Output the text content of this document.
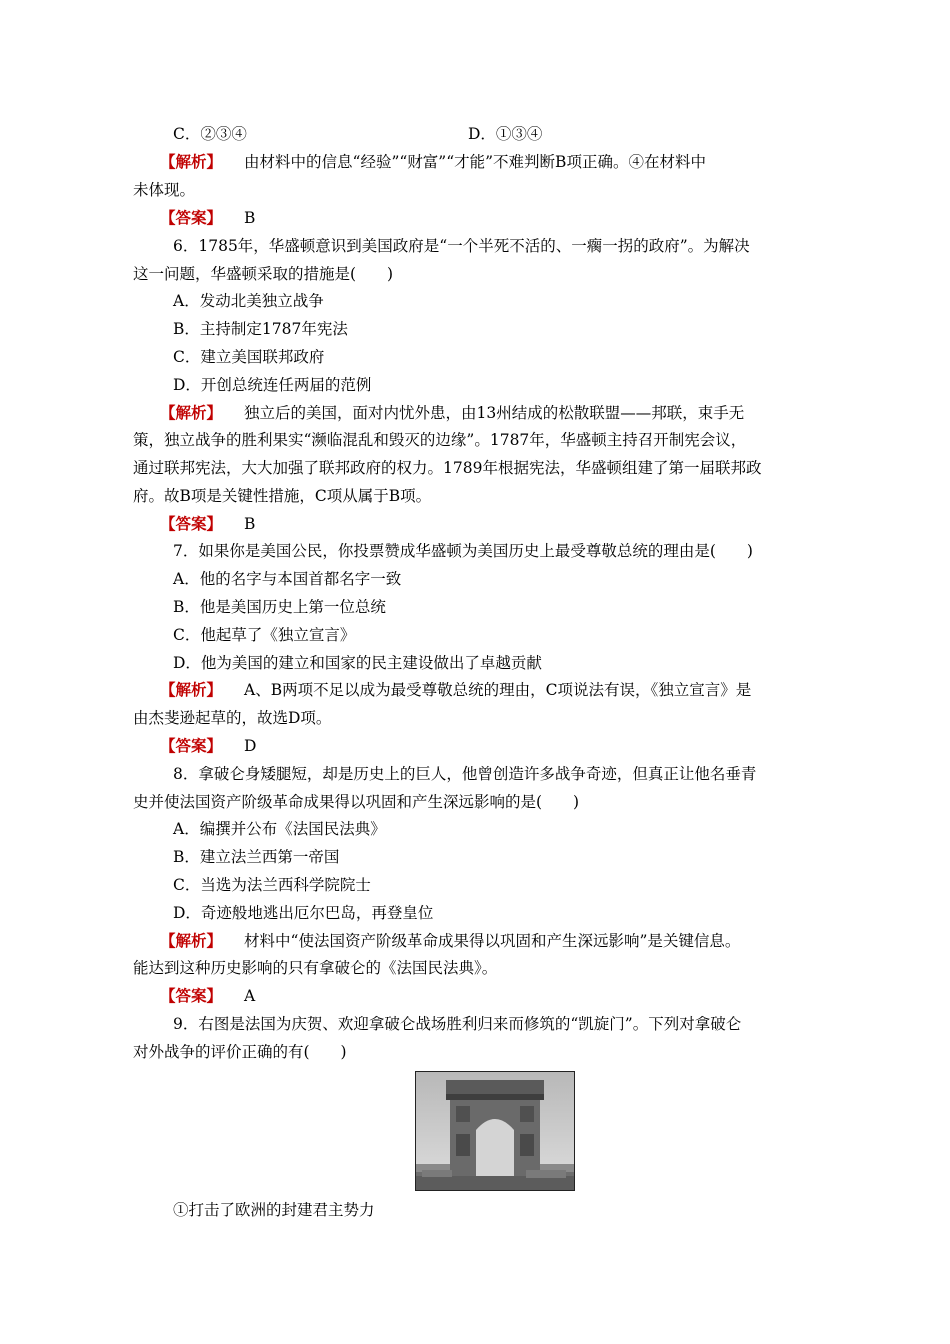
C．②③④	D．①③④
【解析】 由材料中的信息“经验”“财富”“才能”不难判断B项正确。④在材料中
未体现。
【答案】 B
6．1785年，华盛顿意识到美国政府是“一个半死不活的、一瘸一拐的政府”。为解决
这一问题，华盛顿采取的措施是(　　)
A．发动北美独立战争
B．主持制定1787年宪法
C．建立美国联邦政府
D．开创总统连任两届的范例
【解析】 独立后的美国，面对内忧外患，由13州结成的松散联盟——邦联，束手无
策，独立战争的胜利果实“濒临混乱和毁灭的边缘”。1787年，华盛顿主持召开制宪会议，
通过联邦宪法，大大加强了联邦政府的权力。1789年根据宪法，华盛顿组建了第一届联邦政
府。故B项是关键性措施，C项从属于B项。
【答案】 B
7．如果你是美国公民，你投票赞成华盛顿为美国历史上最受尊敬总统的理由是(　　)
A．他的名字与本国首都名字一致
B．他是美国历史上第一位总统
C．他起草了《独立宣言》
D．他为美国的建立和国家的民主建设做出了卓越贡献
【解析】 A、B两项不足以成为最受尊敬总统的理由，C项说法有误，《独立宣言》是
由杰斐逊起草的，故选D项。
【答案】 D
8．拿破仑身矮腿短，却是历史上的巨人，他曾创造许多战争奇迹，但真正让他名垂青
史并使法国资产阶级革命成果得以巩固和产生深远影响的是(　　)
A．编撰并公布《法国民法典》
B．建立法兰西第一帝国
C．当选为法兰西科学院院士
D．奇迹般地逃出厄尔巴岛，再登皇位
【解析】 材料中“使法国资产阶级革命成果得以巩固和产生深远影响”是关键信息。
能达到这种历史影响的只有拿破仑的《法国民法典》。
【答案】 A
9．右图是法国为庆贺、欢迎拿破仑战场胜利归来而修筑的“凯旋门”。下列对拿破仑
对外战争的评价正确的有(　　)
①打击了欧洲的封建君主势力
